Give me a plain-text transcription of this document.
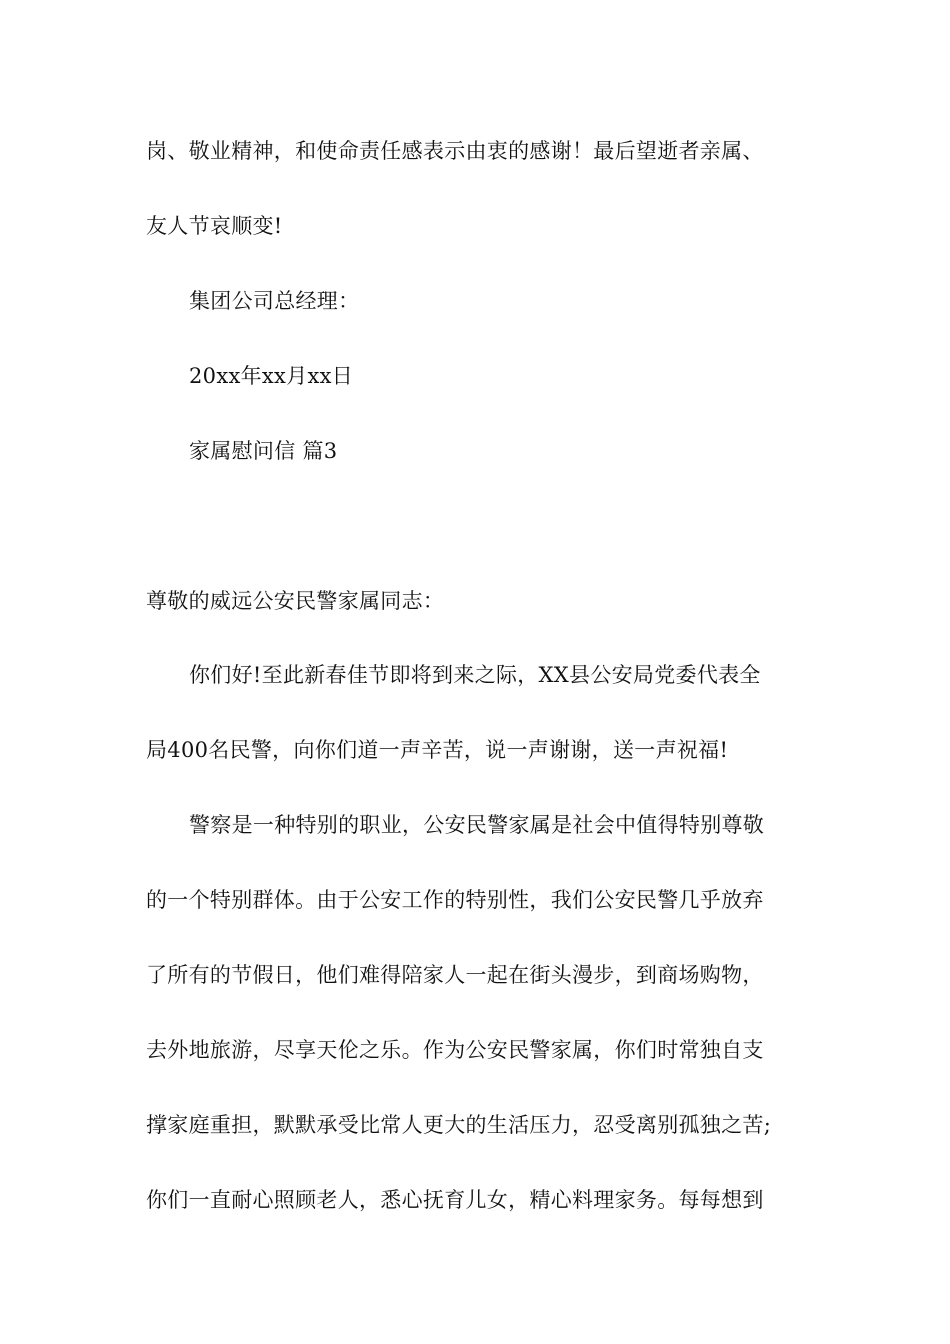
岗、敬业精神，和使命责任感表示由衷的感谢！最后望逝者亲属、
友人节哀顺变!
集团公司总经理：
20xx年xx月xx日
家属慰问信 篇3
尊敬的威远公安民警家属同志：
你们好!至此新春佳节即将到来之际，XX县公安局党委代表全
局400名民警，向你们道一声辛苦，说一声谢谢，送一声祝福!
警察是一种特别的职业，公安民警家属是社会中值得特别尊敬
的一个特别群体。由于公安工作的特别性，我们公安民警几乎放弃
了所有的节假日，他们难得陪家人一起在街头漫步，到商场购物，
去外地旅游，尽享天伦之乐。作为公安民警家属，你们时常独自支
撑家庭重担，默默承受比常人更大的生活压力，忍受离别孤独之苦;
你们一直耐心照顾老人，悉心抚育儿女，精心料理家务。每每想到
